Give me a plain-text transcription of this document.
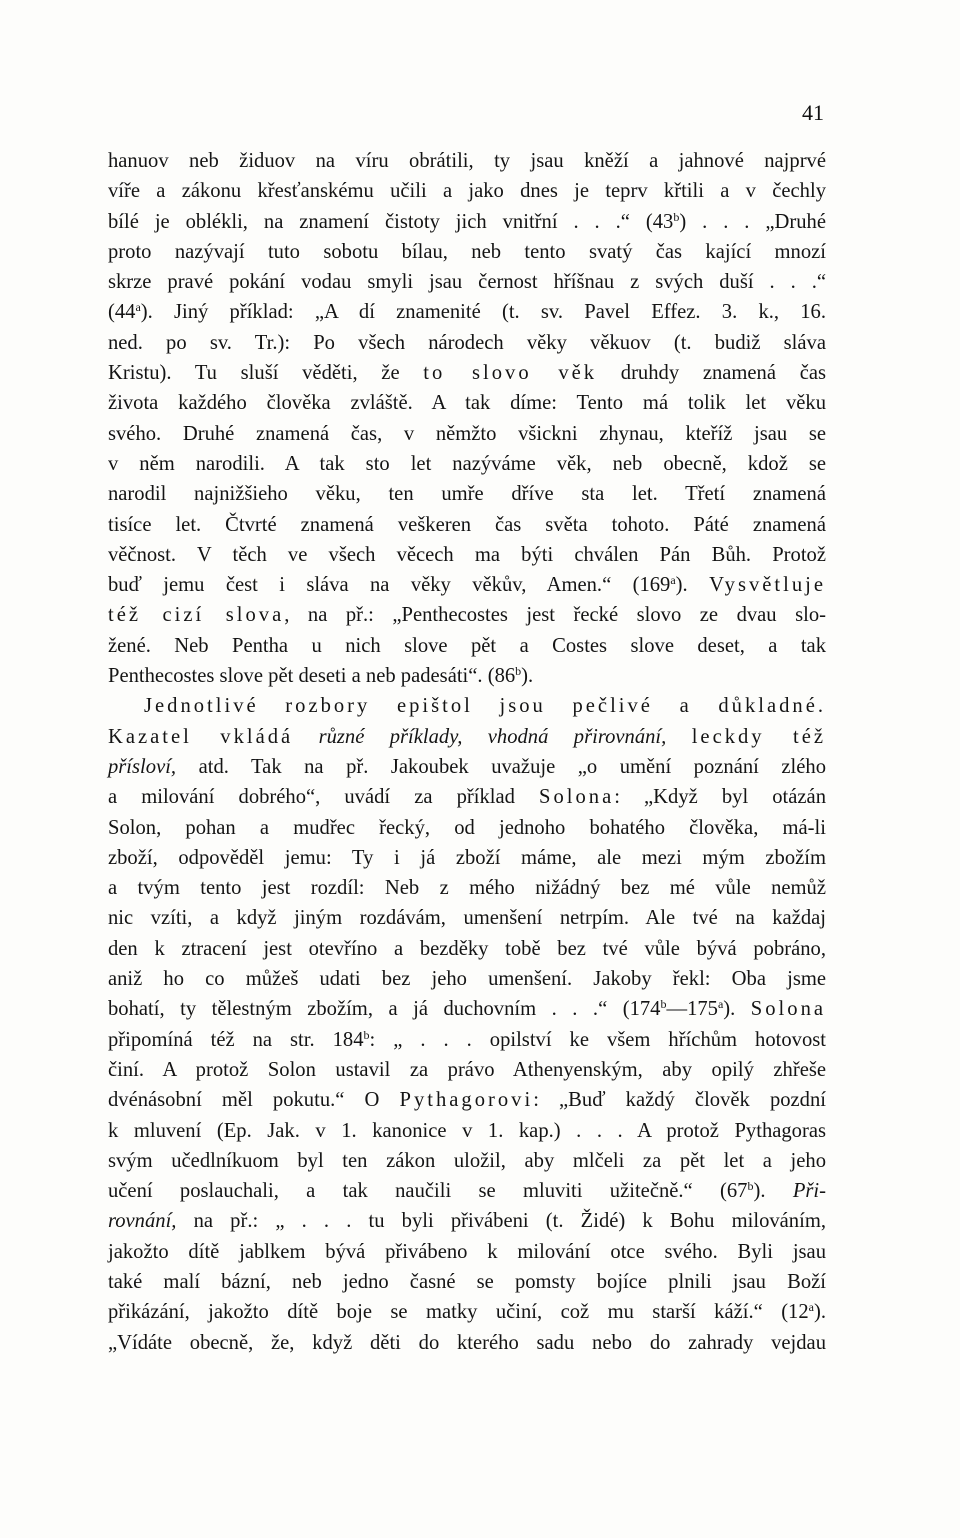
41
hanuov neb židuov na víru obrátili, ty jsau kněží a jahnové najprvé
víře a zákonu křesťanskému učili a jako dnes je teprv křtili a v čechly
bílé je oblékli, na znamení čistoty jich vnitřní . . .“ (43$^b$) . . . „Druhé
proto nazývají tuto sobotu bílau, neb tento svatý čas kající mnozí
skrze pravé pokání vodau smyli jsau černost hříšnau z svých duší . . .“
(44$^a$). Jiný příklad: „A dí znamenité (t. sv. Pavel Effez. 3. k., 16.
ned. po sv. Tr.): Po všech národech věky věkuov (t. budiž sláva
Kristu). Tu sluší věděti, že to slovo věk druhdy znamená čas
života každého člověka zvláště. A tak díme: Tento má tolik let věku
svého. Druhé znamená čas, v němžto všickni zhynau, kteříž jsau se
v něm narodili. A tak sto let nazýváme věk, neb obecně, kdož se
narodil najnižšieho věku, ten umře dříve sta let. Třetí znamená
tisíce let. Čtvrté znamená veškeren čas světa tohoto. Páté znamená
věčnost. V těch ve všech věcech ma býti chválen Pán Bůh. Protož
buď jemu čest i sláva na věky věkův, Amen.“ (169$^a$). Vysvětluje
též cizí slova, na př.: „Penthecostes jest řecké slovo ze dvau slo-
žené. Neb Pentha u nich slove pět a Costes slove deset, a tak
Penthecostes slove pět deseti a neb padesáti“. (86$^b$).
Jednotlivé rozbory epištol jsou pečlivé a důkladné.
Kazatel vkládá různé příklady, vhodná přirovnání, leckdy též
přísloví, atd. Tak na př. Jakoubek uvažuje „o umění poznání zlého
a milování dobrého“, uvádí za příklad Solona: „Když byl otázán
Solon, pohan a mudřec řecký, od jednoho bohatého člověka, má-li
zboží, odpověděl jemu: Ty i já zboží máme, ale mezi mým zbožím
a tvým tento jest rozdíl: Neb z mého nižádný bez mé vůle nemůž
nic vzíti, a když jiným rozdávám, umenšení netrpím. Ale tvé na každaj
den k ztracení jest otevříno a bezděky tobě bez tvé vůle bývá pobráno,
aniž ho co můžeš udati bez jeho umenšení. Jakoby řekl: Oba jsme
bohatí, ty tělestným zbožím, a já duchovním . . .“ (174$^b$—175$^a$). Solona
připomíná též na str. 184$^b$: „ . . . opilství ke všem hříchům hotovost
činí. A protož Solon ustavil za právo Athenyenským, aby opilý zhřeše
dvénásobní měl pokutu.“ O Pythagorovi: „Buď každý člověk pozdní
k mluvení (Ep. Jak. v 1. kanonice v 1. kap.) . . . A protož Pythagoras
svým učedlníkuom byl ten zákon uložil, aby mlčeli za pět let a jeho
učení poslauchali, a tak naučili se mluviti užitečně.“ (67$^b$). Při-
rovnání, na př.: „ . . . tu byli přivábeni (t. Židé) k Bohu milováním,
jakožto dítě jablkem bývá přivábeno k milování otce svého. Byli jsau
také malí bázní, neb jedno časné se pomsty bojíce plnili jsau Boží
přikázání, jakožto dítě boje se matky učiní, což mu starší káží.“ (12$^a$).
„Vídáte obecně, že, když děti do kterého sadu nebo do zahrady vejdau
